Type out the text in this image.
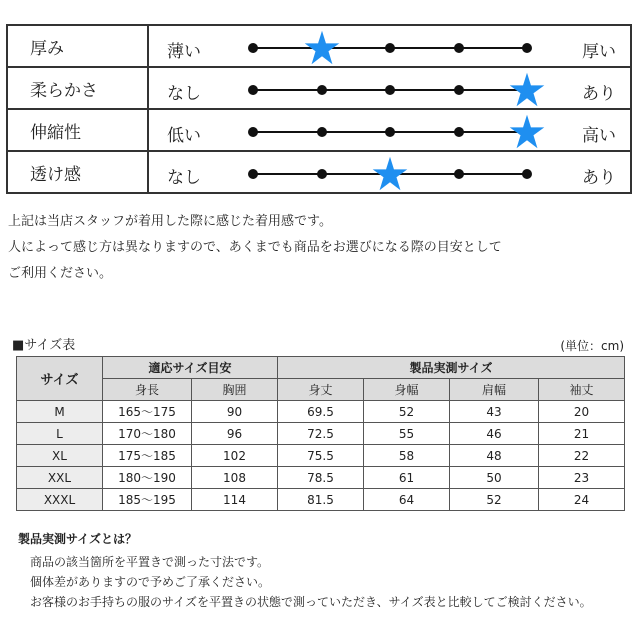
厚み	薄い 厚い

柔らかさ	なし あり

伸縮性	低い 高い

透け感	なし あり
上記は当店スタッフが着用した際に感じた着用感です。
人によって感じ方は異なりますので、あくまでも商品をお選びになる際の目安として
ご利用ください。
■サイズ表	(単位：cm)
サイズ	適応サイズ目安		製品実測サイズ			
	身長	胸囲	身丈	身幅	肩幅	袖丈
M	165～175	90	69.5	52	43	20
L	170～180	96	72.5	55	46	21
XL	175～185	102	75.5	58	48	22
XXL	180～190	108	78.5	61	50	23
XXXL	185～195	114	81.5	64	52	24
製品実測サイズとは？
商品の該当箇所を平置きで測った寸法です。
個体差がありますので予めご了承ください。
お客様のお手持ちの服のサイズを平置きの状態で測っていただき、サイズ表と比較してご検討ください。
